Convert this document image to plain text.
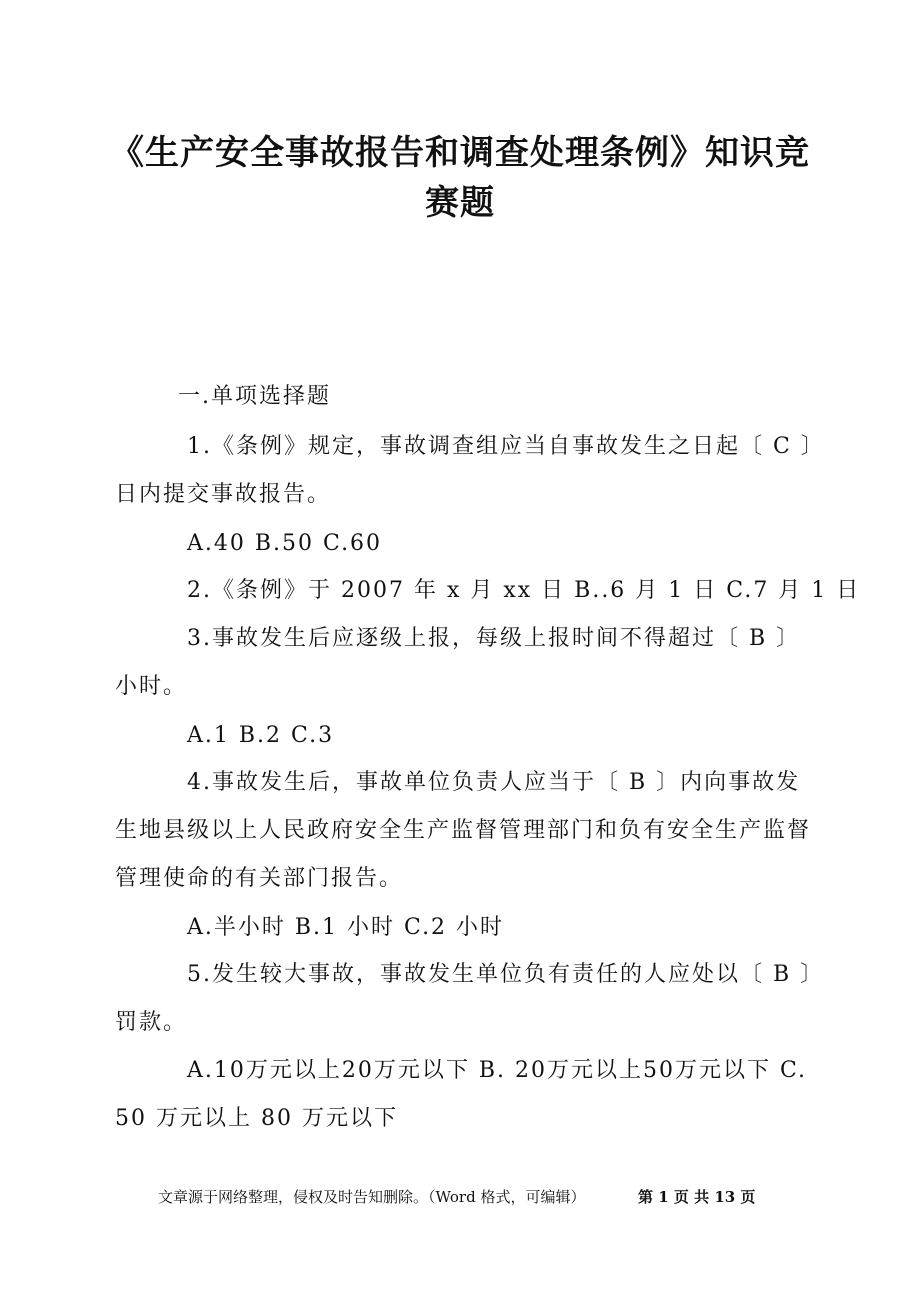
《生产安全事故报告和调查处理条例》知识竞赛题
一.单项选择题
1.《条例》规定，事故调查组应当自事故发生之日起〔 C 〕日内提交事故报告。
A.40 B.50 C.60
2.《条例》于 2007 年 x 月 xx 日 B..6 月 1 日 C.7 月 1 日
3.事故发生后应逐级上报，每级上报时间不得超过〔 B 〕小时。
A.1 B.2 C.3
4.事故发生后，事故单位负责人应当于〔 B 〕内向事故发生地县级以上人民政府安全生产监督管理部门和负有安全生产监督管理使命的有关部门报告。
A.半小时 B.1 小时 C.2 小时
5.发生较大事故，事故发生单位负有责任的人应处以〔 B 〕罚款。
A.10万元以上20万元以下 B. 20万元以上50万元以下 C. 50 万元以上 80 万元以下
文章源于网络整理，侵权及时告知删除。（Word 格式，可编辑）	第 1 页 共 13 页
